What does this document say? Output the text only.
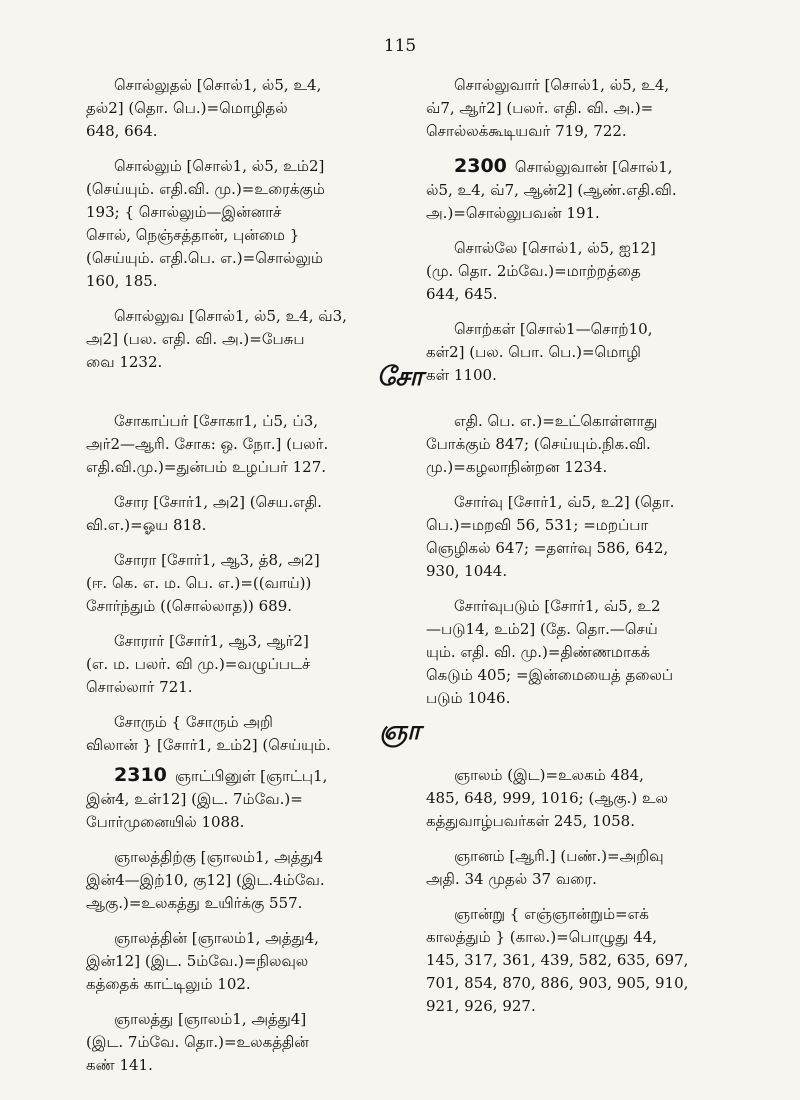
115

சொல்லுதல் [சொல்1, ல்5, உ4,

தல்2] (தொ. பெ.)=மொழிதல்

648, 664.

சொல்லும் [சொல்1, ல்5, உம்2]

(செய்யும். எதி.வி. மு.)=உரைக்கும்

193; { சொல்லும்—இன்னாச்

சொல், நெஞ்சத்தான், புன்மை }

(செய்யும். எதி.பெ. எ.)=சொல்லும்

160, 185.

சொல்லுவ [சொல்1, ல்5, உ4, வ்3,

அ2] (பல. எதி. வி. அ.)=பேசுப

வை 1232.

சொல்லுவார் [சொல்1, ல்5, உ4,

வ்7, ஆர்2] (பலர். எதி. வி. அ.)=

சொல்லக்கூடியவர் 719, 722.

2300 சொல்லுவான் [சொல்1,

ல்5, உ4, வ்7, ஆன்2] (ஆண்.எதி.வி.

அ.)=சொல்லுபவன் 191.

சொல்லே [சொல்1, ல்5, ஐ12]

(மு. தொ. 2ம்வே.)=மாற்றத்தை

644, 645.

சொற்கள் [சொல்1—சொற்10,

கள்2] (பல. பொ. பெ.)=மொழி

கள் 1100.

சோ

சோகாப்பர் [சோகா1, ப்5, ப்3,

அர்2—ஆரி. சோக: ஒ. நோ.] (பலர்.

எதி.வி.மு.)=துன்பம் உழப்பர் 127.

சோர [சோர்1, அ2] (செய.எதி.

வி.எ.)=ஓய 818.

சோரா [சோர்1, ஆ3, த்8, அ2]

(ஈ. கெ. எ. ம. பெ. எ.)=((வாய்))

சோர்ந்தும் ((சொல்லாத)) 689.

சோரார் [சோர்1, ஆ3, ஆர்2]

(எ. ம. பலர். வி மு.)=வழுப்படச்

சொல்லார் 721.

சோரும் { சோரும் அறி

விலான் } [சோர்1, உம்2] (செய்யும்.

எதி. பெ. எ.)=உட்கொள்ளாது

போக்கும் 847; (செய்யும்.நிக.வி.

மு.)=கழலாநின்றன 1234.

சோர்வு [சோர்1, வ்5, உ2] (தொ.

பெ.)=மறவி 56, 531; =மறப்பா

ஞெழிகல் 647; =தளர்வு 586, 642,

930, 1044.

சோர்வுபடும் [சோர்1, வ்5, உ2

—படு14, உம்2] (தே. தொ.—செய்

யும். எதி. வி. மு.)=திண்ணமாகக்

கெடும் 405; =இன்மையைத் தலைப்

படும் 1046.

ஞா

2310 ஞாட்பினுள் [ஞாட்பு1,

இன்4, உள்12] (இட. 7ம்வே.)=

போர்முனையில் 1088.

ஞாலத்திற்கு [ஞாலம்1, அத்து4

இன்4—இற்10, கு12] (இட.4ம்வே.

ஆகு.)=உலகத்து உயிர்க்கு 557.

ஞாலத்தின் [ஞாலம்1, அத்து4,

இன்12] (இட. 5ம்வே.)=நிலவுல

கத்தைக் காட்டிலும் 102.

ஞாலத்து [ஞாலம்1, அத்து4]

(இட. 7ம்வே. தொ.)=உலகத்தின்

கண் 141.

ஞாலம் (இட)=உலகம் 484,

485, 648, 999, 1016; (ஆகு.) உல

கத்துவாழ்பவர்கள் 245, 1058.

ஞானம் [ஆரி.] (பண்.)=அறிவு

அதி. 34 முதல் 37 வரை.

ஞான்று { எஞ்ஞான்றும்=எக்

காலத்தும் } (கால.)=பொழுது 44,

145, 317, 361, 439, 582, 635, 697,

701, 854, 870, 886, 903, 905, 910,

921, 926, 927.
